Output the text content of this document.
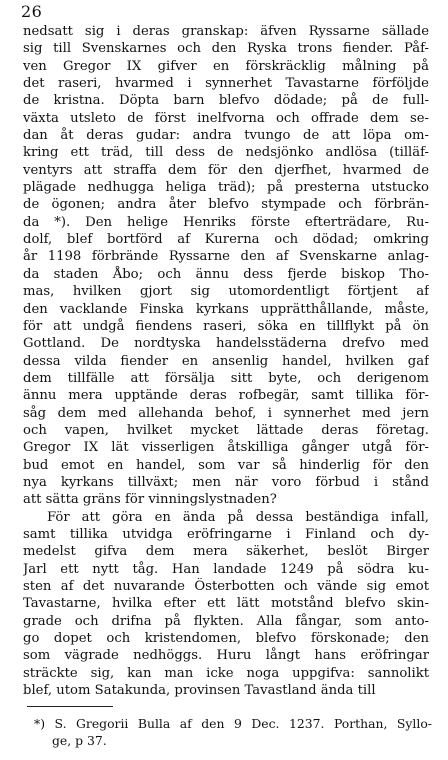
26
nedsatt sig i deras granskap: äfven Ryssarne sällade
sig till Svenskarnes och den Ryska trons fiender. Påf-
ven Gregor IX gifver en förskräcklig målning på
det raseri, hvarmed i synnerhet Tavastarne förföljde
de kristna. Döpta barn blefvo dödade; på de full-
växta utsleto de först inelfvorna och offrade dem se-
dan åt deras gudar: andra tvungo de att löpa om-
kring ett träd, till dess de nedsjönko andlösa (tilläf-
ventyrs att straffa dem för den djerfhet, hvarmed de
plägade nedhugga heliga träd); på presterna utstucko
de ögonen; andra åter blefvo stympade och förbrän-
da *). Den helige Henriks förste efterträdare, Ru-
dolf, blef bortförd af Kurerna och dödad; omkring
år 1198 förbrände Ryssarne den af Svenskarne anlag-
da staden Åbo; och ännu dess fjerde biskop Tho-
mas, hvilken gjort sig utomordentligt förtjent af
den vacklande Finska kyrkans upprätthållande, måste,
för att undgå fiendens raseri, söka en tillflykt på ön
Gottland. De nordtyska handelsstäderna drefvo med
dessa vilda fiender en ansenlig handel, hvilken gaf
dem tillfälle att försälja sitt byte, och derigenom
ännu mera upptände deras rofbegär, samt tillika för-
såg dem med allehanda behof, i synnerhet med jern
och vapen, hvilket mycket lättade deras företag.
Gregor IX lät visserligen åtskilliga gånger utgå för-
bud emot en handel, som var så hinderlig för den
nya kyrkans tillväxt; men när voro förbud i stånd
att sätta gräns för vinningslystnaden?
För att göra en ända på dessa beständiga infall,
samt tillika utvidga eröfringarne i Finland och dy-
medelst gifva dem mera säkerhet, beslöt Birger
Jarl ett nytt tåg. Han landade 1249 på södra ku-
sten af det nuvarande Österbotten och vände sig emot
Tavastarne, hvilka efter ett lätt motstånd blefvo skin-
grade och drifna på flykten. Alla fångar, som anto-
go dopet och kristendomen, blefvo förskonade; den
som vägrade nedhöggs. Huru långt hans eröfringar
sträckte sig, kan man icke noga uppgifva: sannolikt
blef, utom Satakunda, provinsen Tavastland ända till
*) S. Gregorii Bulla af den 9 Dec. 1237. Porthan, Syllo-
ge, p 37.
